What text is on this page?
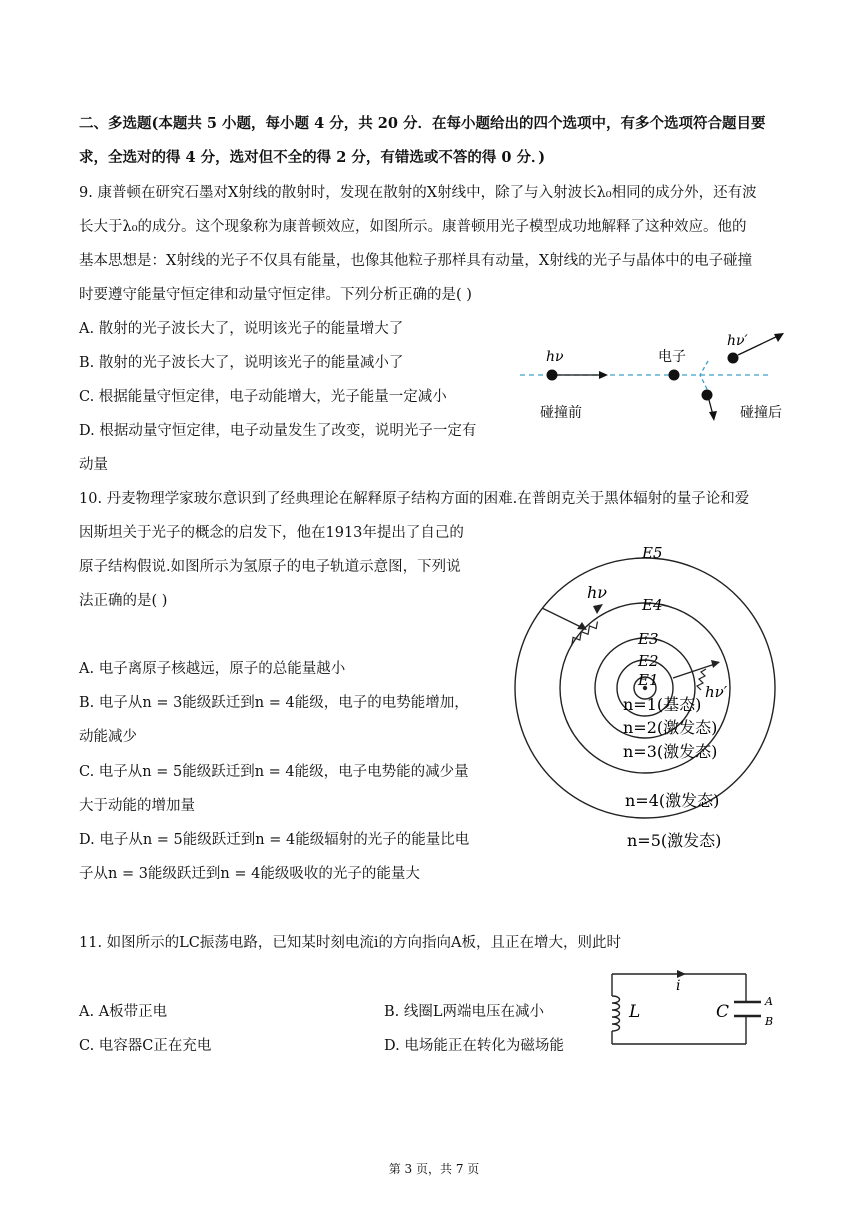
二、多选题(本题共 5 小题，每小题 4 分，共 20 分．在每小题给出的四个选项中，有多个选项符合题目要
求，全选对的得 4 分，选对但不全的得 2 分，有错选或不答的得 0 分．)
9. 康普顿在研究石墨对X射线的散射时，发现在散射的X射线中，除了与入射波长λ₀相同的成分外，还有波
长大于λ₀的成分。这个现象称为康普顿效应，如图所示。康普顿用光子模型成功地解释了这种效应。他的
基本思想是：X射线的光子不仅具有能量，也像其他粒子那样具有动量，X射线的光子与晶体中的电子碰撞
时要遵守能量守恒定律和动量守恒定律。下列分析正确的是( )
A. 散射的光子波长大了，说明该光子的能量增大了
B. 散射的光子波长大了，说明该光子的能量减小了
C. 根据能量守恒定律，电子动能增大，光子能量一定减小
D. 根据动量守恒定律，电子动量发生了改变，说明光子一定有
动量
hν
hν′
电子
碰撞前	碰撞后
10. 丹麦物理学家玻尔意识到了经典理论在解释原子结构方面的困难.在普朗克关于黑体辐射的量子论和爱
因斯坦关于光子的概念的启发下，他在1913年提出了自己的
原子结构假说.如图所示为氢原子的电子轨道示意图，下列说
法正确的是( )
A. 电子离原子核越远，原子的总能量越小
B. 电子从n = 3能级跃迁到n = 4能级，电子的电势能增加，
动能减少
C. 电子从n = 5能级跃迁到n = 4能级，电子电势能的减少量
大于动能的增加量
D. 电子从n = 5能级跃迁到n = 4能级辐射的光子的能量比电
子从n = 3能级跃迁到n = 4能级吸收的光子的能量大
E5
E4
E3
E2
E1
hν
hν′
n=1(基态)
n=2(激发态)
n=3(激发态)
n=4(激发态)
n=5(激发态)
11. 如图所示的LC振荡电路，已知某时刻电流i的方向指向A板，且正在增大，则此时
A. A板带正电	B. 线圈L两端电压在减小
C. 电容器C正在充电	D. 电场能正在转化为磁场能
i
L	C
A
B
第 3 页，共 7 页
